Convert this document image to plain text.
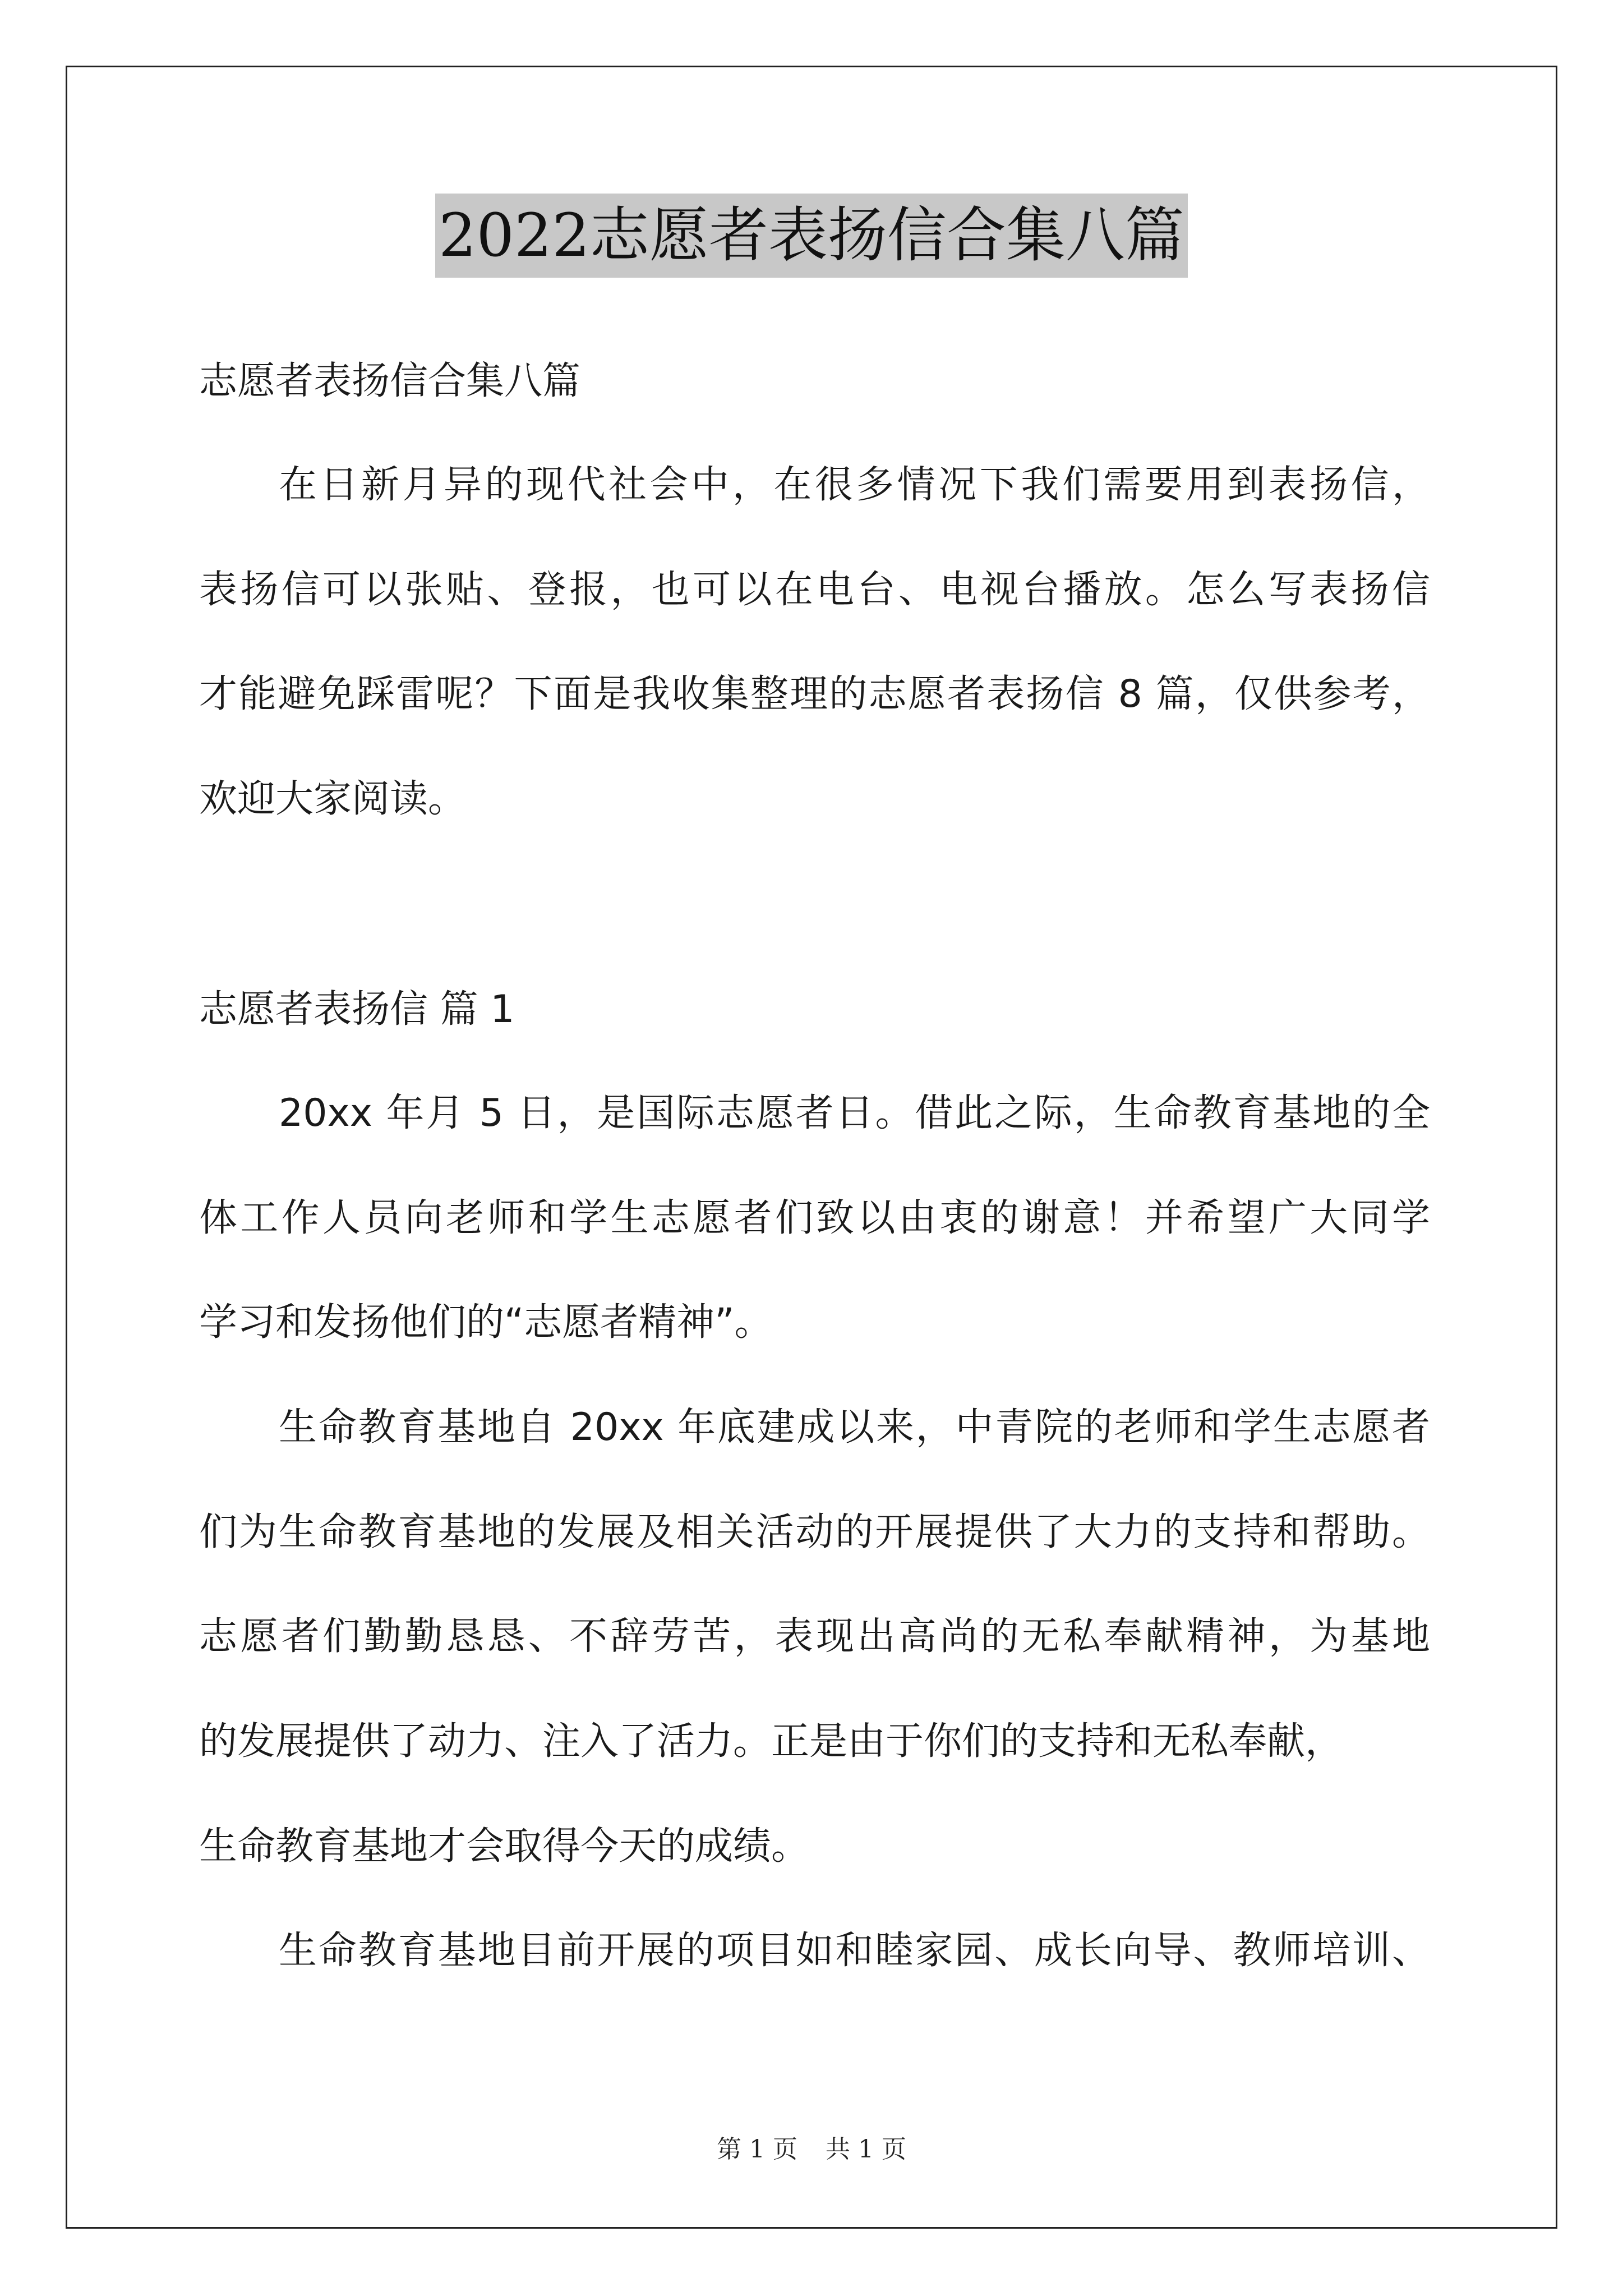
2022志愿者表扬信合集八篇
志愿者表扬信合集八篇
在日新月异的现代社会中，在很多情况下我们需要用到表扬信，
表扬信可以张贴、登报，也可以在电台、电视台播放。怎么写表扬信
才能避免踩雷呢？下面是我收集整理的志愿者表扬信 8 篇，仅供参考，
欢迎大家阅读。
志愿者表扬信 篇 1
20xx 年月 5 日，是国际志愿者日。借此之际，生命教育基地的全
体工作人员向老师和学生志愿者们致以由衷的谢意！并希望广大同学
学习和发扬他们的“志愿者精神”。
生命教育基地自 20xx 年底建成以来，中青院的老师和学生志愿者
们为生命教育基地的发展及相关活动的开展提供了大力的支持和帮助。
志愿者们勤勤恳恳、不辞劳苦，表现出高尚的无私奉献精神，为基地
的发展提供了动力、注入了活力。正是由于你们的支持和无私奉献，
生命教育基地才会取得今天的成绩。
生命教育基地目前开展的项目如和睦家园、成长向导、教师培训、
第 1 页 共 1 页
